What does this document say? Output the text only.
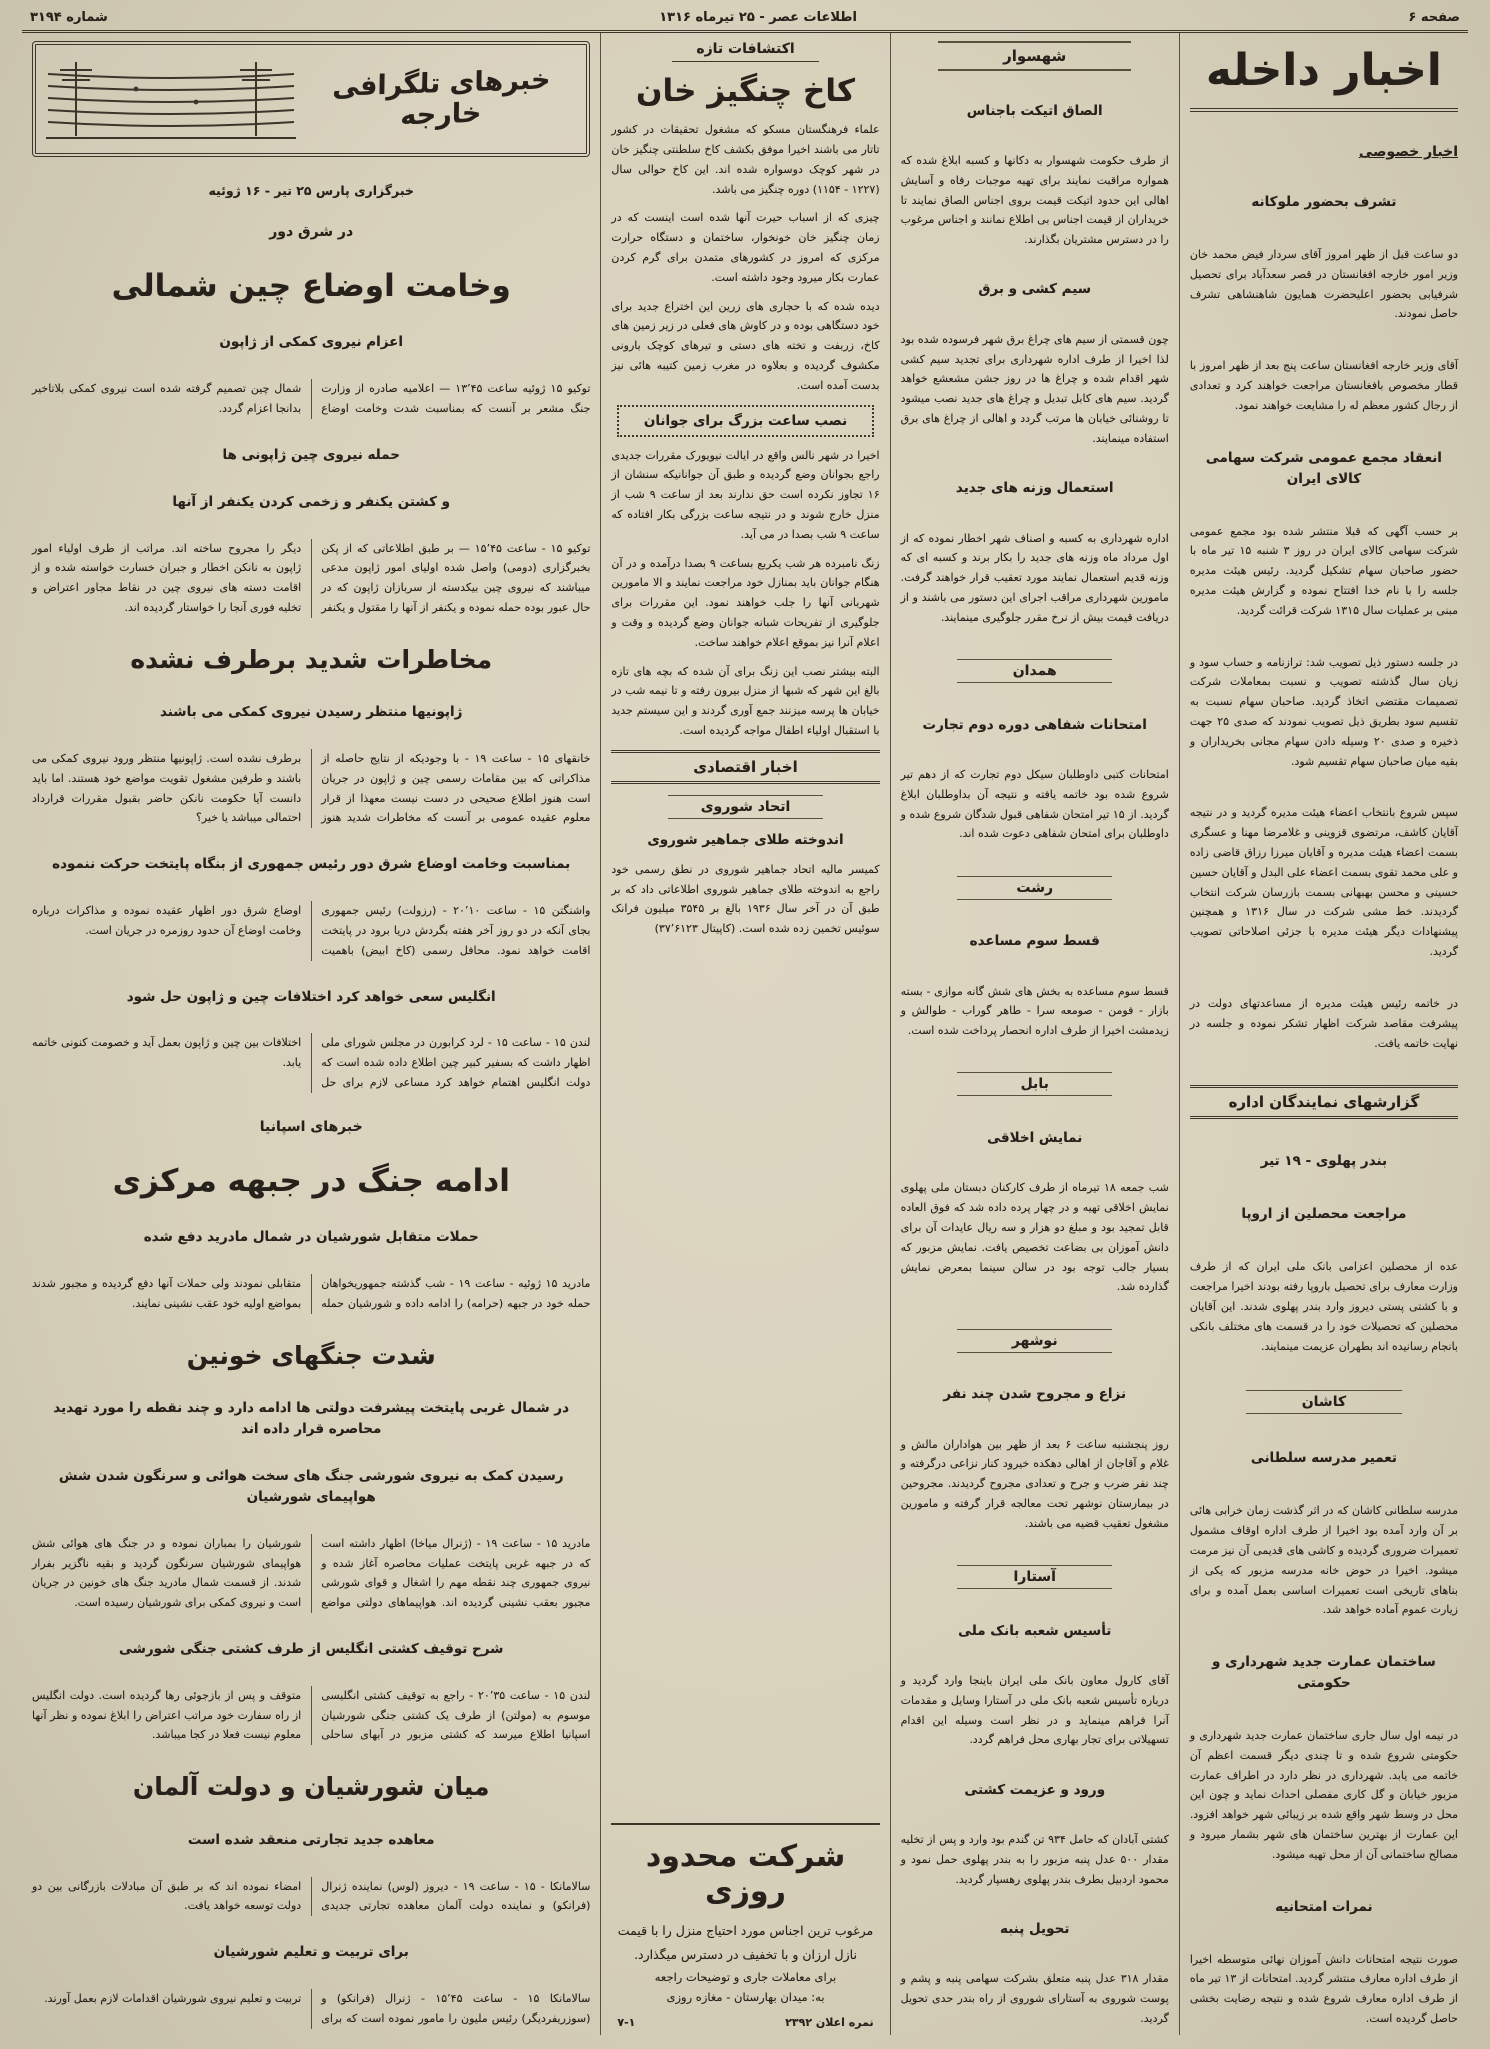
صفحه ۶
اطلاعات عصر - ۲۵ تیرماه ۱۳۱۶
شماره ۳۱۹۴
اخبار داخله
اخبار خصوصی
تشرف بحضور ملوکانه
دو ساعت قبل از ظهر امروز آقای سردار فیض محمد خان وزیر امور خارجه افغانستان در قصر سعدآباد برای تحصیل شرفیابی بحضور اعلیحضرت همایون شاهنشاهی تشرف حاصل نمودند.
آقای وزیر خارجه افغانستان ساعت پنج بعد از ظهر امروز با قطار مخصوص بافغانستان مراجعت خواهند کرد و تعدادی از رجال کشور معظم له را مشایعت خواهند نمود.
انعقاد مجمع عمومی شرکت سهامی کالای ایران
بر حسب آگهی که قبلا منتشر شده بود مجمع عمومی شرکت سهامی کالای ایران در روز ۳ شنبه ۱۵ تیر ماه با حضور صاحبان سهام تشکیل گردید. رئیس هیئت مدیره جلسه را با نام خدا افتتاح نموده و گزارش هیئت مدیره مبنی بر عملیات سال ۱۳۱۵ شرکت قرائت گردید.
در جلسه دستور ذیل تصویب شد: ترازنامه و حساب سود و زیان سال گذشته تصویب و نسبت بمعاملات شرکت تصمیمات مقتضی اتخاذ گردید. صاحبان سهام نسبت به تقسیم سود بطریق ذیل تصویب نمودند که صدی ۲۵ جهت ذخیره و صدی ۲۰ وسیله دادن سهام مجانی بخریداران و بقیه میان صاحبان سهام تقسیم شود.
سپس شروع بانتخاب اعضاء هیئت مدیره گردید و در نتیجه آقایان کاشف، مرتضوی قزوینی و غلامرضا مهنا و عسگری بسمت اعضاء هیئت مدیره و آقایان میرزا رزاق قاضی زاده و علی محمد تقوی بسمت اعضاء علی البدل و آقایان حسین حسینی و محسن بهبهانی بسمت بازرسان شرکت انتخاب گردیدند. خط مشی شرکت در سال ۱۳۱۶ و همچنین پیشنهادات دیگر هیئت مدیره با جزئی اصلاحاتی تصویب گردید.
در خاتمه رئیس هیئت مدیره از مساعدتهای دولت در پیشرفت مقاصد شرکت اظهار تشکر نموده و جلسه در نهایت خاتمه یافت.
گزارشهای نمایندگان اداره
بندر پهلوی - ۱۹ تیر
مراجعت محصلین از اروپا
عده از محصلین اعزامی بانک ملی ایران که از طرف وزارت معارف برای تحصیل باروپا رفته بودند اخیرا مراجعت و با کشتی پستی دیروز وارد بندر پهلوی شدند. این آقایان محصلین که تحصیلات خود را در قسمت های مختلف بانکی بانجام رسانیده اند بطهران عزیمت مینمایند.
کاشان
تعمیر مدرسه سلطانی
مدرسه سلطانی کاشان که در اثر گذشت زمان خرابی هائی بر آن وارد آمده بود اخیرا از طرف اداره اوقاف مشمول تعمیرات ضروری گردیده و کاشی های قدیمی آن نیز مرمت میشود. اخیرا در حوض خانه مدرسه مزبور که یکی از بناهای تاریخی است تعمیرات اساسی بعمل آمده و برای زیارت عموم آماده خواهد شد.
ساختمان عمارت جدید شهرداری و حکومتی
در نیمه اول سال جاری ساختمان عمارت جدید شهرداری و حکومتی شروع شده و تا چندی دیگر قسمت اعظم آن خاتمه می یابد. شهرداری در نظر دارد در اطراف عمارت مزبور خیابان و گل کاری مفصلی احداث نماید و چون این محل در وسط شهر واقع شده بر زیبائی شهر خواهد افزود. این عمارت از بهترین ساختمان های شهر بشمار میرود و مصالح ساختمانی آن از محل تهیه میشود.
نمرات امتحانیه
صورت نتیجه امتحانات دانش آموزان نهائی متوسطه اخیرا از طرف اداره معارف منتشر گردید. امتحانات از ۱۳ تیر ماه از طرف اداره معارف شروع شده و نتیجه رضایت بخشی حاصل گردیده است.
شهسوار
الصاق اتیکت باجناس
از طرف حکومت شهسوار به دکانها و کسبه ابلاغ شده که همواره مراقبت نمایند برای تهیه موجبات رفاه و آسایش اهالی این حدود اتیکت قیمت بروی اجناس الصاق نمایند تا خریداران از قیمت اجناس بی اطلاع نمانند و اجناس مرغوب را در دسترس مشتریان بگذارند.
سیم کشی و برق
چون قسمتی از سیم های چراغ برق شهر فرسوده شده بود لذا اخیرا از طرف اداره شهرداری برای تجدید سیم کشی شهر اقدام شده و چراغ ها در روز جشن مشعشع خواهد گردید. سیم های کابل تبدیل و چراغ های جدید نصب میشود تا روشنائی خیابان ها مرتب گردد و اهالی از چراغ های برق استفاده مینمایند.
استعمال وزنه های جدید
اداره شهرداری به کسبه و اصناف شهر اخطار نموده که از اول مرداد ماه وزنه های جدید را بکار برند و کسبه ای که وزنه قدیم استعمال نمایند مورد تعقیب قرار خواهند گرفت. مامورین شهرداری مراقب اجرای این دستور می باشند و از دریافت قیمت بیش از نرخ مقرر جلوگیری مینمایند.
همدان
امتحانات شفاهی دوره دوم تجارت
امتحانات کتبی داوطلبان سیکل دوم تجارت که از دهم تیر شروع شده بود خاتمه یافته و نتیجه آن بداوطلبان ابلاغ گردید. از ۱۵ تیر امتحان شفاهی قبول شدگان شروع شده و داوطلبان برای امتحان شفاهی دعوت شده اند.
رشت
قسط سوم مساعده
قسط سوم مساعده به بخش های شش گانه موازی - بسته بازار - فومن - صومعه سرا - طاهر گوراب - طوالش و زیدمشت اخیرا از طرف اداره انحصار پرداخت شده است.
بابل
نمایش اخلاقی
شب جمعه ۱۸ تیرماه از طرف کارکنان دبستان ملی پهلوی نمایش اخلاقی تهیه و در چهار پرده داده شد که فوق العاده قابل تمجید بود و مبلغ دو هزار و سه ریال عایدات آن برای دانش آموزان بی بضاعت تخصیص یافت. نمایش مزبور که بسیار جالب توجه بود در سالن سینما بمعرض نمایش گذارده شد.
نوشهر
نزاع و مجروح شدن چند نفر
روز پنجشنبه ساعت ۶ بعد از ظهر بین هواداران مالش و غلام و آقاجان از اهالی دهکده خیرود کنار نزاعی درگرفته و چند نفر ضرب و جرح و تعدادی مجروح گردیدند. مجروحین در بیمارستان نوشهر تحت معالجه قرار گرفته و مامورین مشغول تعقیب قضیه می باشند.
آستارا
تأسیس شعبه بانک ملی
آقای کارول معاون بانک ملی ایران باینجا وارد گردید و درباره تأسیس شعبه بانک ملی در آستارا وسایل و مقدمات آنرا فراهم مینماید و در نظر است وسیله این اقدام تسهیلاتی برای تجار بهاری محل فراهم گردد.
ورود و عزیمت کشتی
کشتی آبادان که حامل ۹۳۴ تن گندم بود وارد و پس از تخلیه مقدار ۵۰۰ عدل پنبه مزبور را به بندر پهلوی حمل نمود و محمود اردبیل بطرف بندر پهلوی رهسپار گردید.
تحویل پنبه
مقدار ۳۱۸ عدل پنبه متعلق بشرکت سهامی پنبه و پشم و پوست شوروی به آستارای شوروی از راه بندر حدی تحویل گردید.
اکتشافات تازه
کاخ چنگیز خان
علماء فرهنگستان مسکو که مشغول تحقیقات در کشور تاتار می باشند اخیرا موفق بکشف کاخ سلطنتی چنگیز خان در شهر کوچک دوسواره شده اند. این کاخ حوالی سال (۱۲۲۷ - ۱۱۵۴) دوره چنگیز می باشد.
چیزی که از اسباب حیرت آنها شده است اینست که در زمان چنگیز خان خونخوار، ساختمان و دستگاه حرارت مرکزی که امروز در کشورهای متمدن برای گرم کردن عمارت بکار میرود وجود داشته است.
دیده شده که با حجاری های زرین این اختراع جدید برای خود دستگاهی بوده و در کاوش های فعلی در زیر زمین های کاخ، زربفت و تخته های دستی و تیرهای کوچک بارونی مکشوف گردیده و بعلاوه در مغرب زمین کتیبه هائی نیز بدست آمده است.
نصب ساعت بزرگ برای جوانان
اخیرا در شهر نالس واقع در ایالت نیویورک مقررات جدیدی راجع بجوانان وضع گردیده و طبق آن جوانانیکه سنشان از ۱۶ تجاوز نکرده است حق ندارند بعد از ساعت ۹ شب از منزل خارج شوند و در نتیجه ساعت بزرگی بکار افتاده که ساعت ۹ شب بصدا در می آید.
زنگ نامبرده هر شب یکربع بساعت ۹ بصدا درآمده و در آن هنگام جوانان باید بمنازل خود مراجعت نمایند و الا مامورین شهربانی آنها را جلب خواهند نمود. این مقررات برای جلوگیری از تفریحات شبانه جوانان وضع گردیده و وقت و اعلام آنرا نیز بموقع اعلام خواهند ساخت.
البته بیشتر نصب این زنگ برای آن شده که بچه های تازه بالغ این شهر که شبها از منزل بیرون رفته و تا نیمه شب در خیابان ها پرسه میزنند جمع آوری گردند و این سیستم جدید با استقبال اولیاء اطفال مواجه گردیده است.
اخبار اقتصادی
اتحاد شوروی
اندوخته طلای جماهیر شوروی
کمیسر مالیه اتحاد جماهیر شوروی در نطق رسمی خود راجع به اندوخته طلای جماهیر شوروی اطلاعاتی داد که بر طبق آن در آخر سال ۱۹۳۶ بالغ بر ۳۵۴۵ میلیون فرانک سوئیس تخمین زده شده است. (کاپیتال ۳۷٬۶۱۲۳)
شرکت محدود روزی
مرغوب ترین اجناس مورد احتیاج منزل را با قیمت نازل ارزان و با تخفیف در دسترس میگذارد.
برای معاملات جاری و توضیحات راجعه
به: میدان بهارستان - مغازه روزی
نمره اعلان ۲۳۹۲
۷-۱
خبرهای تلگرافی خارجه
خبرگزاری پارس ۲۵ تیر - ۱۶ ژوئیه
در شرق دور
وخامت اوضاع چین شمالی
اعزام نیروی کمکی از ژاپون
توکیو ۱۵ ژوئیه ساعت ۱۳٬۴۵ — اعلامیه صادره از وزارت جنگ مشعر بر آنست که بمناسبت شدت وخامت اوضاع شمال چین تصمیم گرفته شده است نیروی کمکی بلاتاخیر بدانجا اعزام گردد.
حمله نیروی چین ژاپونی ها
و کشتن یکنفر و زخمی کردن یکنفر از آنها
توکیو ۱۵ - ساعت ۱۵٬۴۵ — بر طبق اطلاعاتی که از پکن بخبرگزاری (دومی) واصل شده اولیای امور ژاپون مدعی میباشند که نیروی چین بیکدسته از سربازان ژاپون که در حال عبور بوده حمله نموده و یکنفر از آنها را مقتول و یکنفر دیگر را مجروح ساخته اند. مراتب از طرف اولیاء امور ژاپون به نانکن اخطار و جبران خسارت خواسته شده و از اقامت دسته های نیروی چین در نقاط مجاور اعتراض و تخلیه فوری آنجا را خواستار گردیده اند.
مخاطرات شدید برطرف نشده
ژاپونیها منتظر رسیدن نیروی کمکی می باشند
خانقهای ۱۵ - ساعت ۱۹ - با وجودیکه از نتایج حاصله از مذاکراتی که بین مقامات رسمی چین و ژاپون در جریان است هنوز اطلاع صحیحی در دست نیست معهذا از قرار معلوم عقیده عمومی بر آنست که مخاطرات شدید هنوز برطرف نشده است. ژاپونیها منتظر ورود نیروی کمکی می باشند و طرفین مشغول تقویت مواضع خود هستند. اما باید دانست آیا حکومت نانکن حاضر بقبول مقررات قرارداد احتمالی میباشد یا خیر؟
بمناسبت وخامت اوضاع شرق دور رئیس جمهوری از بنگاه پایتخت حرکت ننموده
واشنگتن ۱۵ - ساعت ۲۰٬۱۰ - (رزولت) رئیس جمهوری بجای آنکه در دو روز آخر هفته بگردش دریا برود در پایتخت اقامت خواهد نمود. محافل رسمی (کاخ ابیض) باهمیت اوضاع شرق دور اظهار عقیده نموده و مذاکرات درباره وخامت اوضاع آن حدود روزمره در جریان است.
انگلیس سعی خواهد کرد اختلافات چین و ژاپون حل شود
لندن ۱۵ - ساعت ۱۵ - لرد کرابورن در مجلس شورای ملی اظهار داشت که بسفیر کبیر چین اطلاع داده شده است که دولت انگلیس اهتمام خواهد کرد مساعی لازم برای حل اختلافات بین چین و ژاپون بعمل آید و خصومت کنونی خاتمه یابد.
خبرهای اسپانیا
ادامه جنگ در جبهه مرکزی
حملات متقابل شورشیان در شمال مادرید دفع شده
مادرید ۱۵ ژوئیه - ساعت ۱۹ - شب گذشته جمهوریخواهان حمله خود در جبهه (حرامه) را ادامه داده و شورشیان حمله متقابلی نمودند ولی حملات آنها دفع گردیده و مجبور شدند بمواضع اولیه خود عقب نشینی نمایند.
شدت جنگهای خونین
در شمال غربی پایتخت پیشرفت دولتی ها ادامه دارد و چند نقطه را مورد تهدید محاصره قرار داده اند
رسیدن کمک به نیروی شورشی جنگ های سخت هوائی و سرنگون شدن شش هواپیمای شورشیان
مادرید ۱۵ - ساعت ۱۹ - (ژنرال میاخا) اظهار داشته است که در جبهه غربی پایتخت عملیات محاصره آغاز شده و نیروی جمهوری چند نقطه مهم را اشغال و قوای شورشی مجبور بعقب نشینی گردیده اند. هواپیماهای دولتی مواضع شورشیان را بمباران نموده و در جنگ های هوائی شش هواپیمای شورشیان سرنگون گردید و بقیه ناگزیر بفرار شدند. از قسمت شمال مادرید جنگ های خونین در جریان است و نیروی کمکی برای شورشیان رسیده است.
شرح توقیف کشتی انگلیس از طرف کشتی جنگی شورشی
لندن ۱۵ - ساعت ۲۰٬۳۵ - راجع به توقیف کشتی انگلیسی موسوم به (مولتن) از طرف یک کشتی جنگی شورشیان اسپانیا اطلاع میرسد که کشتی مزبور در آبهای ساحلی متوقف و پس از بازجوئی رها گردیده است. دولت انگلیس از راه سفارت خود مراتب اعتراض را ابلاغ نموده و نظر آنها معلوم نیست فعلا در کجا میباشد.
میان شورشیان و دولت آلمان
معاهده جدید تجارتی منعقد شده است
سالامانکا - ۱۵ - ساعت ۱۹ - دیروز (لوس) نماینده ژنرال (فرانکو) و نماینده دولت آلمان معاهده تجارتی جدیدی امضاء نموده اند که بر طبق آن مبادلات بازرگانی بین دو دولت توسعه خواهد یافت.
برای تربیت و تعلیم شورشیان
سالامانکا ۱۵ - ساعت ۱۵٬۴۵ - ژنرال (فرانکو) و (سوزریفردیگر) رئیس ملیون را مامور نموده است که برای تربیت و تعلیم نیروی شورشیان اقدامات لازم بعمل آورند.
